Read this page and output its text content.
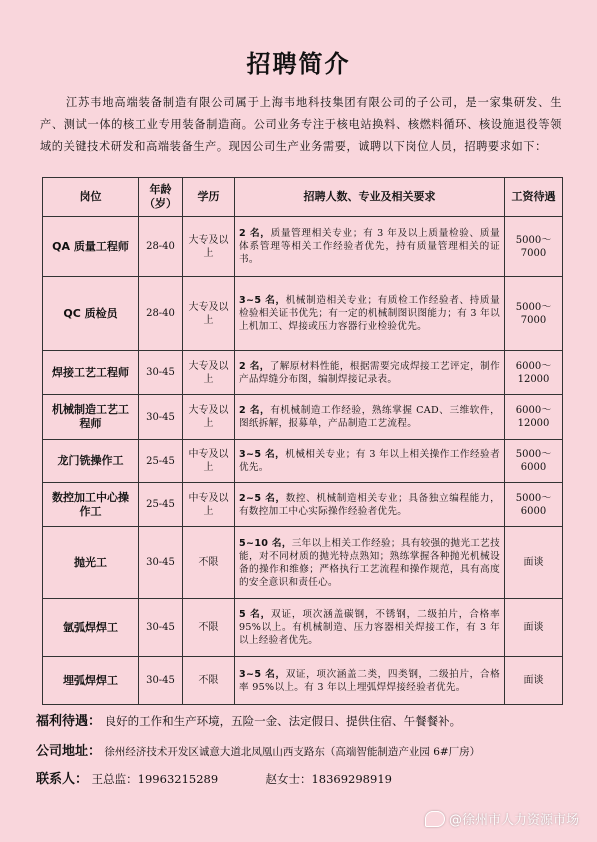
招聘简介
江苏韦地高端装备制造有限公司属于上海韦地科技集团有限公司的子公司，是一家集研发、生产、测试一体的核工业专用装备制造商。公司业务专注于核电站换料、核燃料循环、核设施退役等领域的关键技术研发和高端装备生产。现因公司生产业务需要，诚聘以下岗位人员，招聘要求如下：
岗位	年龄（岁）	学历	招聘人数、专业及相关要求	工资待遇
QA 质量工程师	28-40	大专及以上	2 名，质量管理相关专业；有 3 年及以上质量检验、质量体系管理等相关工作经验者优先，持有质量管理相关的证书。	5000～7000
QC 质检员	28-40	大专及以上	3~5 名，机械制造相关专业；有质检工作经验者、持质量检验相关证书优先；有一定的机械制图识图能力；有 3 年以上机加工、焊接或压力容器行业检验优先。	5000～7000
焊接工艺工程师	30-45	大专及以上	2 名，了解原材料性能，根据需要完成焊接工艺评定，制作产品焊缝分布图，编制焊接记录表。	6000～12000
机械制造工艺工程师	30-45	大专及以上	2 名，有机械制造工作经验，熟练掌握 CAD、三维软件，图纸拆解，报募单，产品制造工艺流程。	6000～12000
龙门铣操作工	25-45	中专及以上	3~5 名，机械相关专业；有 3 年以上相关操作工作经验者优先。	5000～6000
数控加工中心操作工	25-45	中专及以上	2~5 名，数控、机械制造相关专业；具备独立编程能力，有数控加工中心实际操作经验者优先。	5000～6000
抛光工	30-45	不限	5~10 名，三年以上相关工作经验；具有较强的抛光工艺技能，对不同材质的抛光特点熟知；熟练掌握各种抛光机械设备的操作和维修；严格执行工艺流程和操作规范，具有高度的安全意识和责任心。	面谈
氩弧焊焊工	30-45	不限	5 名，双证，项次涵盖碳钢，不锈钢，二级拍片，合格率 95%以上。有机械制造、压力容器相关焊接工作，有 3 年以上经验者优先。	面谈
埋弧焊焊工	30-45	不限	3~5 名，双证，项次涵盖二类，四类钢，二级拍片，合格率 95%以上。有 3 年以上埋弧焊焊接经验者优先。	面谈
福利待遇： 良好的工作和生产环境，五险一金、法定假日、提供住宿、午餐餐补。
公司地址： 徐州经济技术开发区诚意大道北凤凰山西支路东（高端智能制造产业园 6#厂房）
联系人： 王总监：19963215289	赵女士：18369298919
@徐州市人力资源市场
